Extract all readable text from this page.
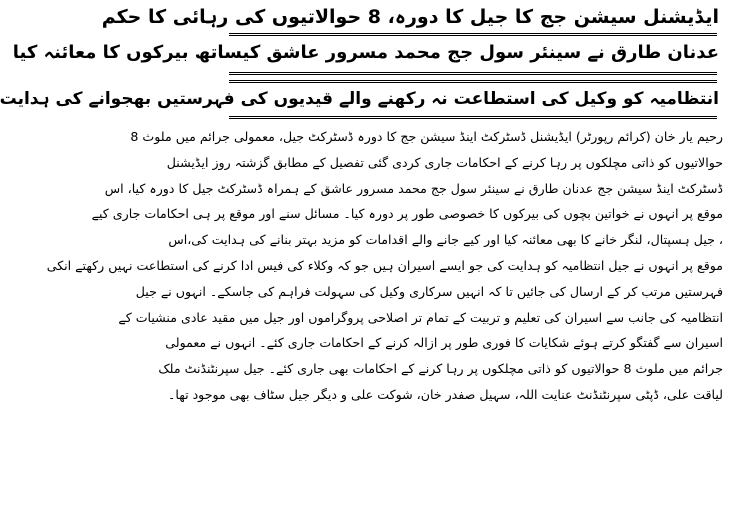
ایڈیشنل سیشن جج کا جیل کا دورہ، 8 حوالاتیوں کی رہائی کا حکم
عدنان طارق نے سینئر سول جج محمد مسرور عاشق کیساتھ بیرکوں کا معائنہ کیا
انتظامیہ کو وکیل کی استطاعت نہ رکھنے والے قیدیوں کی فہرستیں بھجوانے کی ہدایت
رحیم یار خان (کرائم رپورٹر) ایڈیشنل ڈسٹرکٹ اینڈ سیشن جج کا دورہ ڈسٹرکٹ جیل، معمولی جرائم میں ملوث 8
حوالاتیوں کو ذاتی مچلکوں پر رہا کرنے کے احکامات جاری کردی گئی تفصیل کے مطابق گزشتہ روز ایڈیشنل
ڈسٹرکٹ اینڈ سیشن جج عدنان طارق نے سینئر سول جج محمد مسرور عاشق کے ہمراہ ڈسٹرکٹ جیل کا دورہ کیا، اس
موقع پر انہوں نے خواتین بچوں کی بیرکوں کا خصوصی طور پر دورہ کیا۔ مسائل سنے اور موقع پر ہی احکامات جاری کیے
، جیل ہسپتال، لنگر خانے کا بھی معائنہ کیا اور کیے جانے والے اقدامات کو مزید بہتر بنانے کی ہدایت کی،اس
موقع پر انہوں نے جیل انتظامیہ کو ہدایت کی جو ایسے اسیران ہیں جو کہ وکلاء کی فیس ادا کرنے کی استطاعت نہیں رکھتے انکی
فہرستیں مرتب کر کے ارسال کی جائیں تا کہ انہیں سرکاری وکیل کی سہولت فراہم کی جاسکے۔ انہوں نے جیل
انتظامیہ کی جانب سے اسیران کی تعلیم و تربیت کے تمام تر اصلاحی پروگراموں اور جیل میں مقید عادی منشیات کے
اسیران سے گفتگو کرتے ہوئے شکایات کا فوری طور پر ازالہ کرنے کے احکامات جاری کئے۔ انہوں نے معمولی
جرائم میں ملوث 8 حوالاتیوں کو ذاتی مچلکوں پر رہا کرنے کے احکامات بھی جاری کئے۔ جیل سپرنٹنڈنٹ ملک
لیاقت علی، ڈپٹی سپرنٹنڈنٹ عنایت اللہ، سہیل صفدر خان، شوکت علی و دیگر جیل سٹاف بھی موجود تھا۔
